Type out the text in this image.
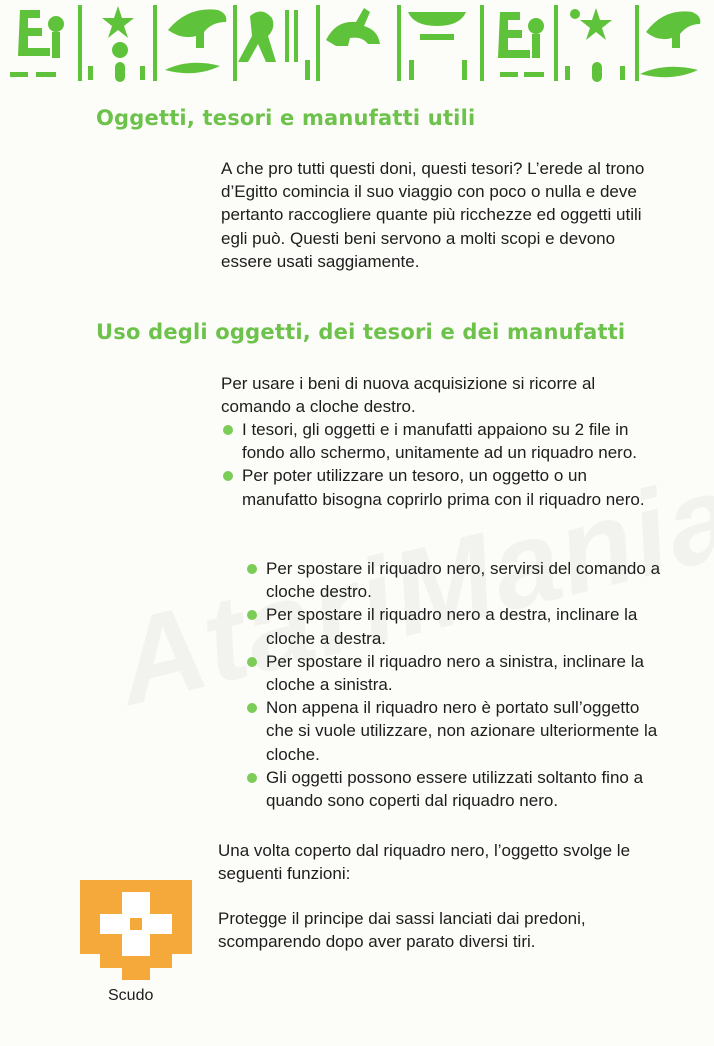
Oggetti, tesori e manufatti utili

A che pro tutti questi doni, questi tesori? L’erede al trono d’Egitto comincia il suo viaggio con poco o nulla e deve pertanto raccogliere quante più ricchezze ed oggetti utili egli può. Questi beni servono a molti scopi e devono essere usati saggiamente.

Uso degli oggetti, dei tesori e dei manufatti

Per usare i beni di nuova acquisizione si ricorre al comando a cloche destro.

I tesori, gli oggetti e i manufatti appaiono su 2 file in fondo allo schermo, unitamente ad un riquadro nero.
Per poter utilizzare un tesoro, un oggetto o un manufatto bisogna coprirlo prima con il riquadro nero.
Per spostare il riquadro nero, servirsi del comando a cloche destro.
Per spostare il riquadro nero a destra, inclinare la cloche a destra.
Per spostare il riquadro nero a sinistra, inclinare la cloche a sinistra.
Non appena il riquadro nero è portato sull’oggetto che si vuole utilizzare, non azionare ulteriormente la cloche.
Gli oggetti possono essere utilizzati soltanto fino a quando sono coperti dal riquadro nero.

Una volta coperto dal riquadro nero, l’oggetto svolge le seguenti funzioni:

Scudo

Protegge il principe dai sassi lanciati dai predoni, scomparendo dopo aver parato diversi tiri.
